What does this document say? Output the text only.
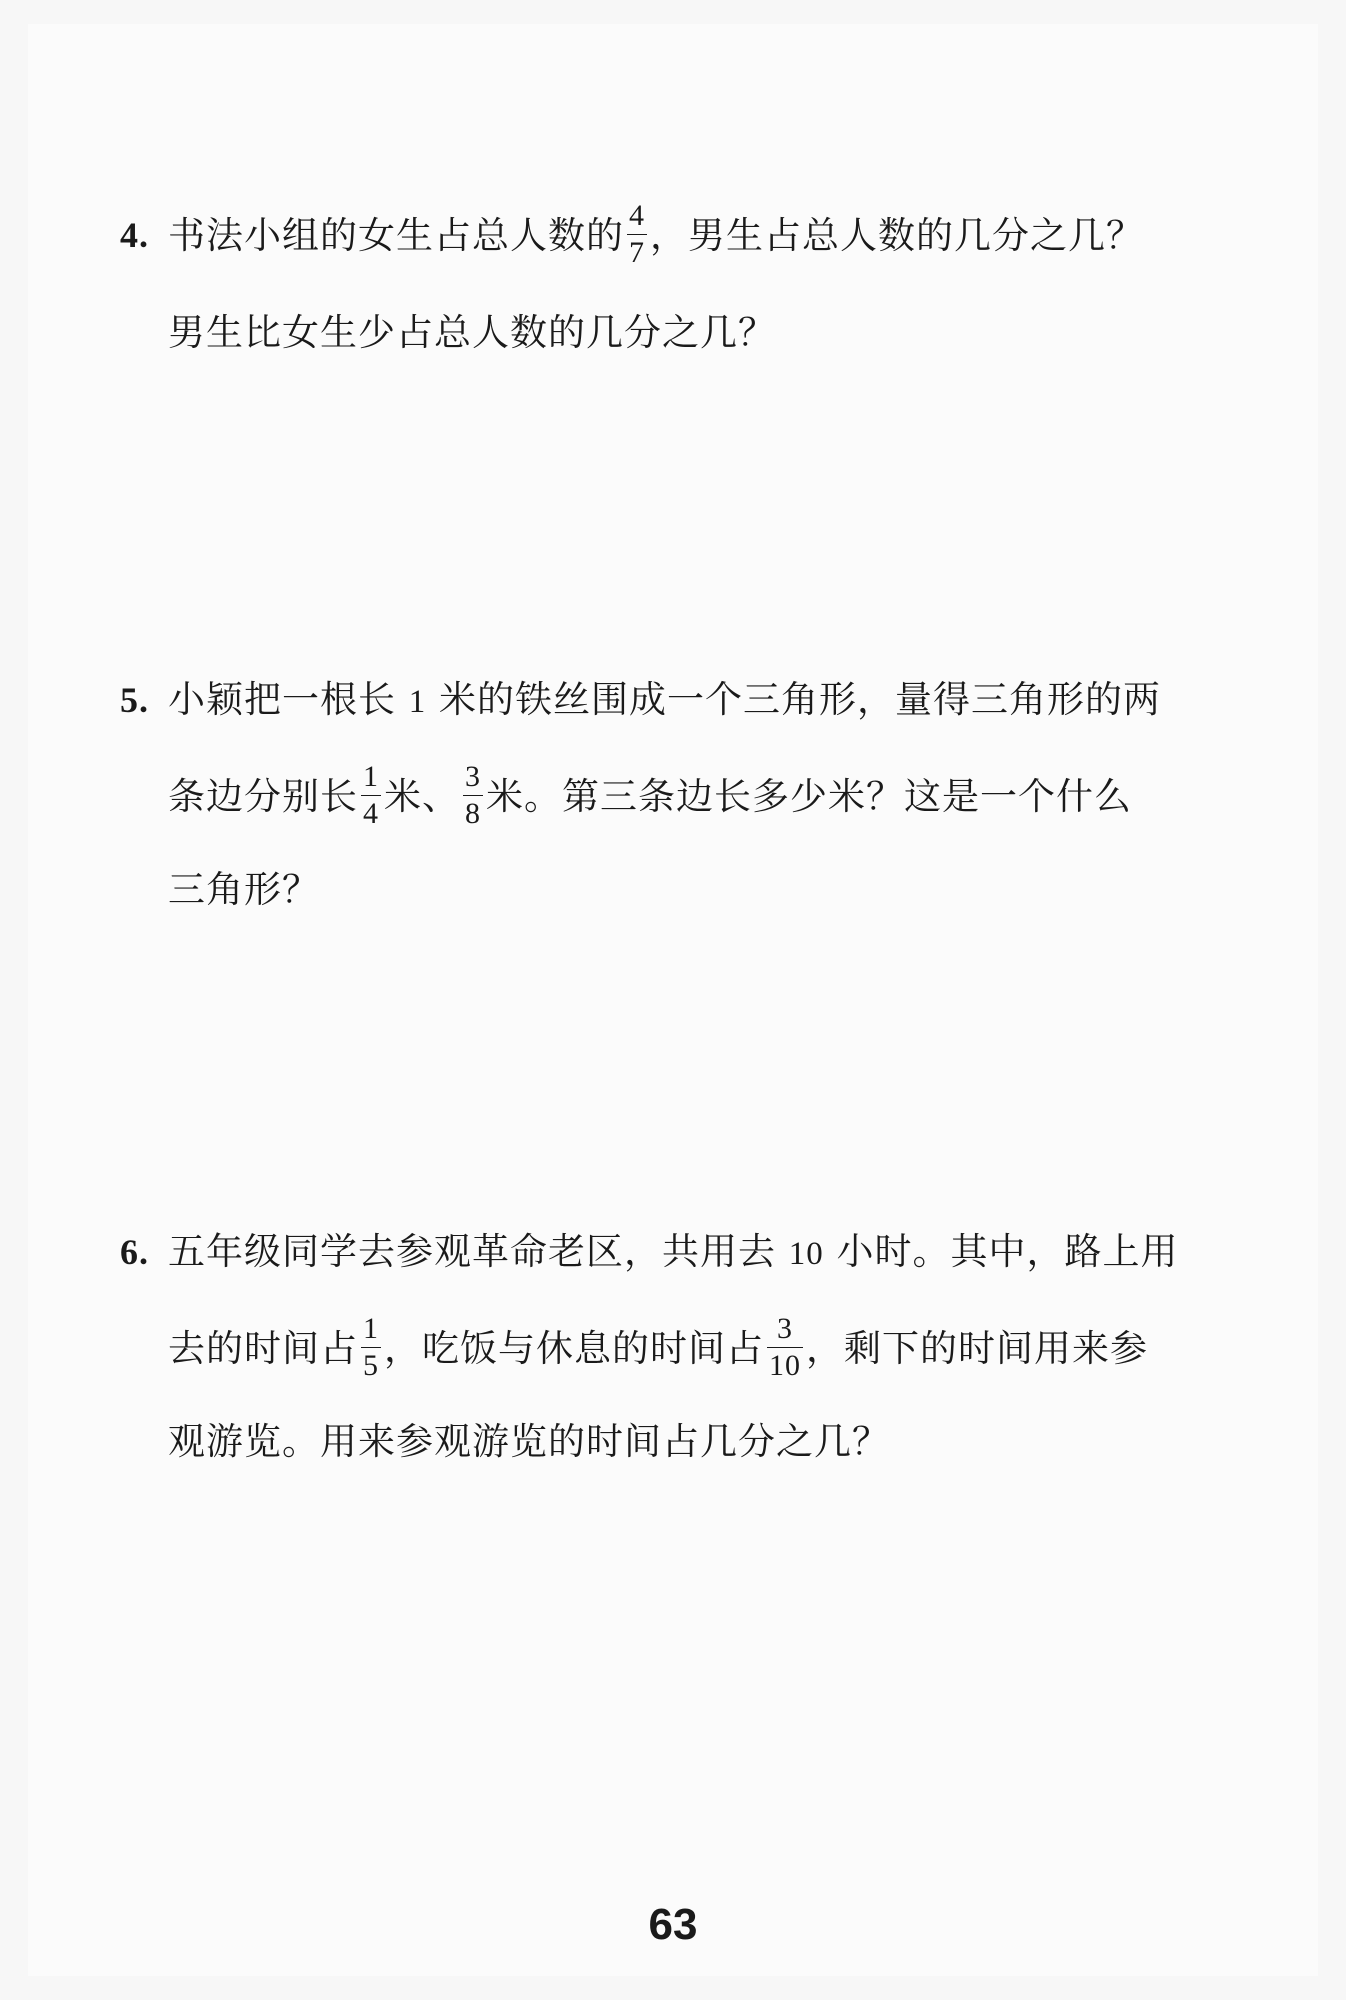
4. 书法小组的女生占总人数的 $\frac{4}{7}$ ，男生占总人数的几分之几？
男生比女生少占总人数的几分之几？
5. 小颖把一根长 1 米的铁丝围成一个三角形，量得三角形的两
条边分别长 $\frac{1}{4}$ 米、 $\frac{3}{8}$ 米。第三条边长多少米？这是一个什么
三角形？
6. 五年级同学去参观革命老区，共用去 10 小时。其中，路上用
去的时间占 $\frac{1}{5}$ ，吃饭与休息的时间占 $\frac{3}{10}$ ，剩下的时间用来参
观游览。用来参观游览的时间占几分之几？
63
